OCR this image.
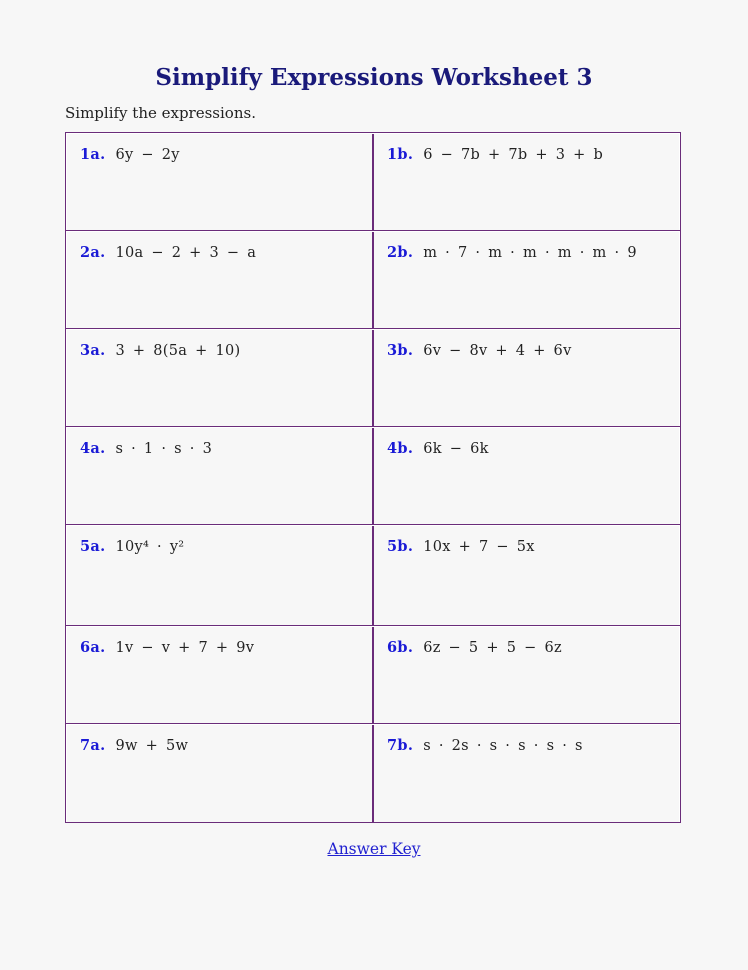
Simplify Expressions Worksheet 3
Simplify the expressions.
1a. 6y − 2y	1b. 6 − 7b + 7b + 3 + b
2a. 10a − 2 + 3 − a	2b. m · 7 · m · m · m · m · 9
3a. 3 + 8(5a + 10)	3b. 6v − 8v + 4 + 6v
4a. s · 1 · s · 3	4b. 6k − 6k
5a. 10y⁴ · y²	5b. 10x + 7 − 5x
6a. 1v − v + 7 + 9v	6b. 6z − 5 + 5 − 6z
7a. 9w + 5w	7b. s · 2s · s · s · s · s
Answer Key
